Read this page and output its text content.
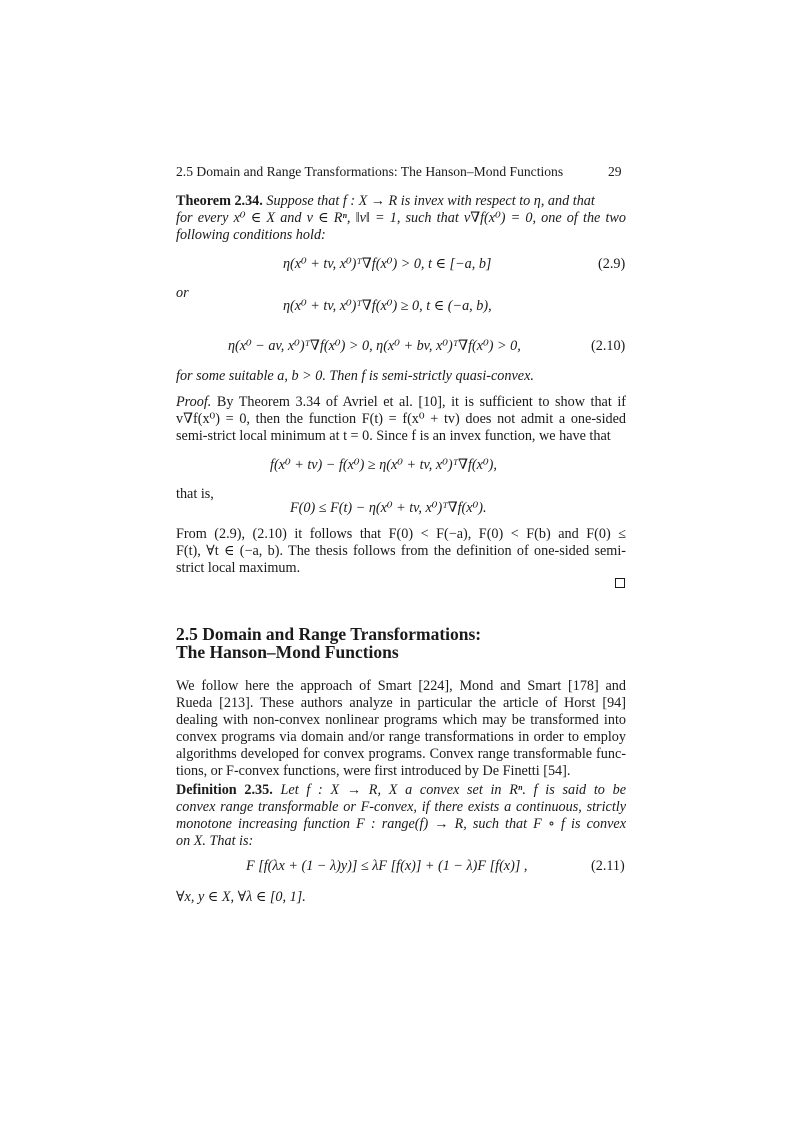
2.5 Domain and Range Transformations: The Hanson–Mond Functions	29
Theorem 2.34. Suppose that f : X → R is invex with respect to η, and that
for every x⁰ ∈ X and v ∈ Rⁿ, ‖v‖ = 1, such that v∇f(x⁰) = 0, one of the two
following conditions hold:
η(x⁰ + tv, x⁰)ᵀ∇f(x⁰) > 0, t ∈ [−a, b]	(2.9)
or
η(x⁰ + tv, x⁰)ᵀ∇f(x⁰) ≥ 0, t ∈ (−a, b),
η(x⁰ − av, x⁰)ᵀ∇f(x⁰) > 0, η(x⁰ + bv, x⁰)ᵀ∇f(x⁰) > 0,	(2.10)
for some suitable a, b > 0. Then f is semi-strictly quasi-convex.
Proof. By Theorem 3.34 of Avriel et al. [10], it is sufficient to show that if
v∇f(x⁰) = 0, then the function F(t) = f(x⁰ + tv) does not admit a one-sided
semi-strict local minimum at t = 0. Since f is an invex function, we have that
f(x⁰ + tv) − f(x⁰) ≥ η(x⁰ + tv, x⁰)ᵀ∇f(x⁰),
that is,
F(0) ≤ F(t) − η(x⁰ + tv, x⁰)ᵀ∇f(x⁰).
From (2.9), (2.10) it follows that F(0) < F(−a), F(0) < F(b) and F(0) ≤
F(t), ∀t ∈ (−a, b). The thesis follows from the definition of one-sided semi-
strict local maximum.
2.5 Domain and Range Transformations:
The Hanson–Mond Functions
We follow here the approach of Smart [224], Mond and Smart [178] and
Rueda [213]. These authors analyze in particular the article of Horst [94]
dealing with non-convex nonlinear programs which may be transformed into
convex programs via domain and/or range transformations in order to employ
algorithms developed for convex programs. Convex range transformable func-
tions, or F-convex functions, were first introduced by De Finetti [54].
Definition 2.35. Let f : X → R, X a convex set in Rⁿ. f is said to be
convex range transformable or F-convex, if there exists a continuous, strictly
monotone increasing function F : range(f) → R, such that F ∘ f is convex
on X. That is:
F [f(λx + (1 − λ)y)] ≤ λF [f(x)] + (1 − λ)F [f(x)] ,	(2.11)
∀x, y ∈ X, ∀λ ∈ [0, 1].
